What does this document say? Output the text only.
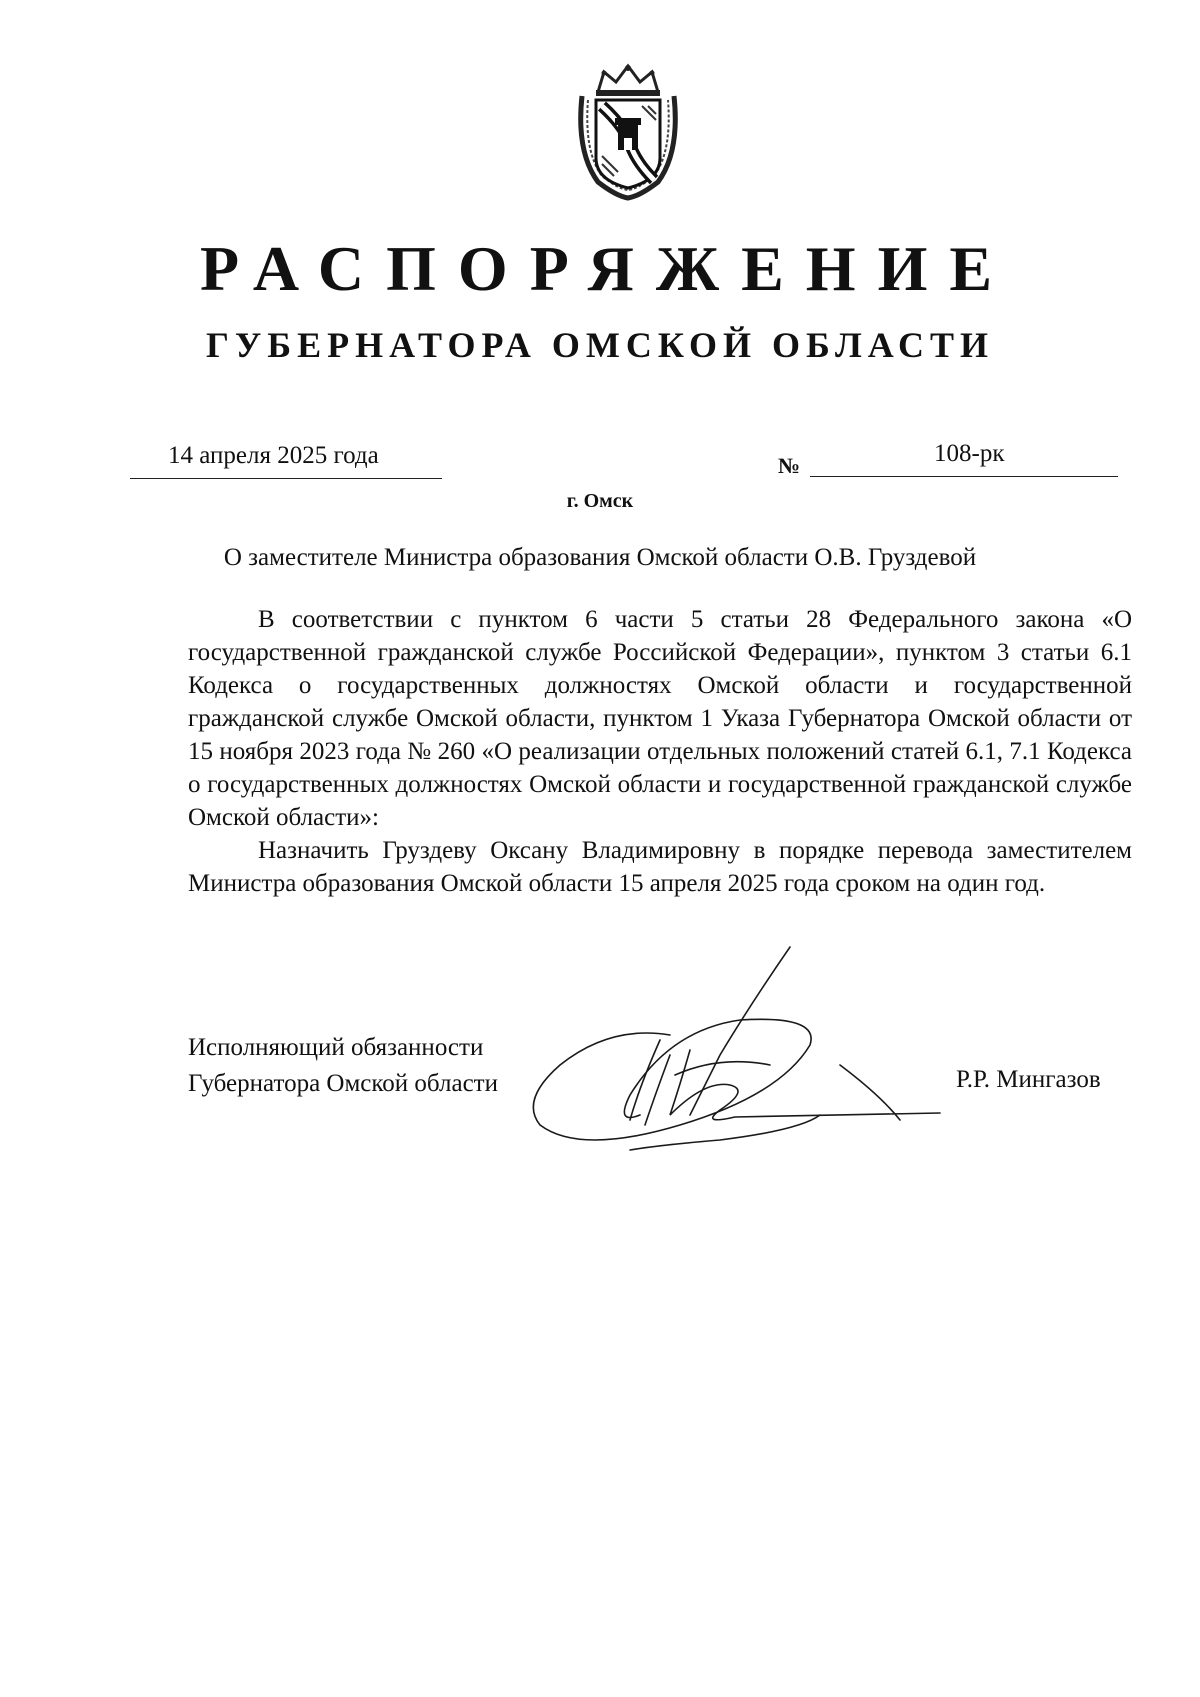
РАСПОРЯЖЕНИЕ
ГУБЕРНАТОРА ОМСКОЙ ОБЛАСТИ
14 апреля 2025 года	№	108-рк
г. Омск
О заместителе Министра образования Омской области О.В. Груздевой

В соответствии с пунктом 6 части 5 статьи 28 Федерального закона «О государственной гражданской службе Российской Федерации», пунктом 3 статьи 6.1 Кодекса о государственных должностях Омской области и государственной гражданской службе Омской области, пунктом 1 Указа Губернатора Омской области от 15 ноября 2023 года № 260 «О реализации отдельных положений статей 6.1, 7.1 Кодекса о государственных должностях Омской области и государственной гражданской службе Омской области»:

Назначить Груздеву Оксану Владимировну в порядке перевода заместителем Министра образования Омской области 15 апреля 2025 года сроком на один год.

Исполняющий обязанности
Губернатора Омской области	Р.Р. Мингазов
